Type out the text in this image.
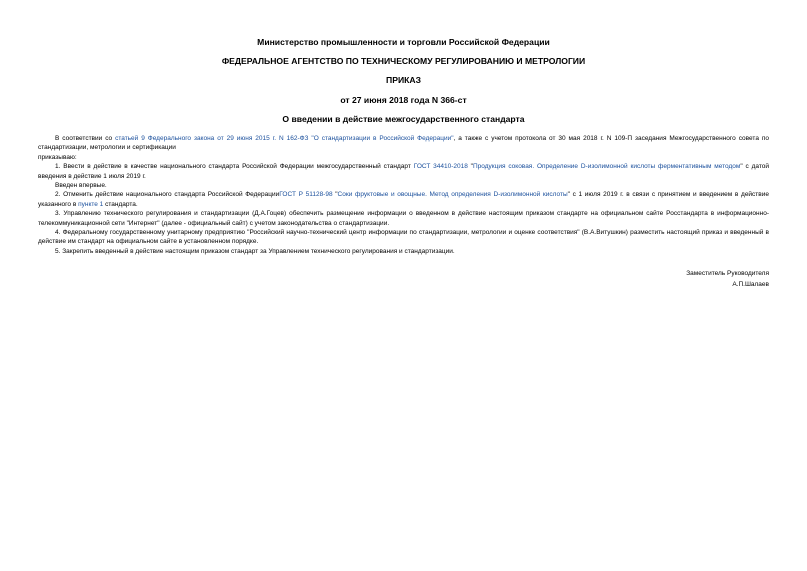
Министерство промышленности и торговли Российской Федерации
ФЕДЕРАЛЬНОЕ АГЕНТСТВО ПО ТЕХНИЧЕСКОМУ РЕГУЛИРОВАНИЮ И МЕТРОЛОГИИ
ПРИКАЗ
от 27 июня 2018 года N 366-ст
О введении в действие межгосударственного стандарта

В соответствии со статьей 9 Федерального закона от 29 июня 2015 г. N 162-ФЗ "О стандартизации в Российской Федерации", а также с учетом протокола от 30 мая 2018 г. N 109-П заседания Межгосударственного совета по стандартизации, метрологии и сертификации

приказываю:

1. Ввести в действие в качестве национального стандарта Российской Федерации межгосударственный стандарт ГОСТ 34410-2018 "Продукция соковая. Определение D-изолимонной кислоты ферментативным методом" с датой введения в действие 1 июля 2019 г.

Введен впервые.

2. Отменить действие национального стандарта Российской ФедерацииГОСТ Р 51128-98 "Соки фруктовые и овощные. Метод определения D-изолимонной кислоты" с 1 июля 2019 г. в связи с принятием и введением в действие указанного в пункте 1 стандарта.

3. Управлению технического регулирования и стандартизации (Д.А.Гоцев) обеспечить размещение информации о введенном в действие настоящим приказом стандарте на официальном сайте Росстандарта в информационно-телекоммуникационной сети "Интернет" (далее - официальный сайт) с учетом законодательства о стандартизации.

4. Федеральному государственному унитарному предприятию "Российский научно-технический центр информации по стандартизации, метрологии и оценке соответствия" (В.А.Витушкин) разместить настоящий приказ и введенный в действие им стандарт на официальном сайте в установленном порядке.

5. Закрепить введенный в действие настоящим приказом стандарт за Управлением технического регулирования и стандартизации.

Заместитель Руководителя
А.П.Шалаев
